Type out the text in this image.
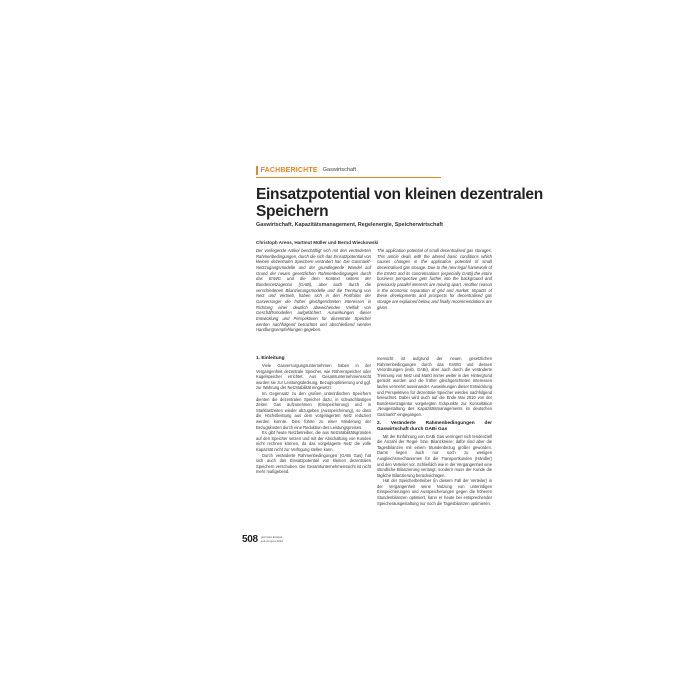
FACHBERICHTE Gaswirtschaft
Einsatzpotential von kleinen dezentralen Speichern
Gaswirtschaft, Kapazitätsmanagement, Regelenergie, Speicherwirtschaft
Christoph Arens, Hartmut Müller und Bernd Wieckowski

Der vorliegende Artikel beschäftigt sich mit den veränderten Rahmenbedingungen, durch die sich das Einsatzpotential von kleinen dezentralen Speichern verändert hat. Die Gasmarkt-Netzzugangsmodelle und der grundlegende Wandel auf Grund der neuen gesetzlichen Rahmenbedingungen durch das EnWG und die dem Kontext seitens der Bundesnetzagentur (GABi), aber auch durch die verschiedenen Bilanzierungsmodelle und die Trennung von Netz und Vertrieb, haben sich in den Portfolios der Gasversorger die früher gleichgerichteten Interessen in Richtung einer deutlich abweichenden Vielfalt von Geschäftsmodellen aufgefächert. Auswirkungen dieser Entwicklung und Perspektiven für dezentrale Speicher werden nachfolgend betrachtet und abschließend werden Handlungsempfehlungen gegeben.

The application potential of small decentralised gas storages. This article deals with the altered basic conditions which causes changes in the application potential of small decentralised gas storage. Due to the new legal framework of the EnWG and its concretisations (especially GABi) the entire business perspective gets further into the background and previously parallel interests are moving apart. Another reason is the economic separation of grid and market. Impacts of these developments and prospects for decentralised gas storage are explained below, and finally recommendations are given.

1. Einleitung

Viele Gasversorgungsunternehmen haben in der Vergangenheit dezentrale Speicher, wie Röhrenspeicher oder Kugelspeicher errichtet. Aus Gesamtunternehmenssicht wurden sie zur Leistungsdeckung, Bezugsoptimierung und ggf. zur Wahrung der Netzstabilität eingesetzt.

Im Gegensatz zu den großen unterirdischen Speichern dienten die dezentralen Speicher dazu, in schwachlastigen Zeiten Gas aufzunehmen (Einspeicherung) und in Starklastzeiten wieder abzugeben (Ausspeicherung), so dass die Höchstleistung aus dem vorgelagerten Netz reduziert werden konnte. Dies führte zu einer Minderung der Bezugskosten durch eine Reduktion des Leistungspreises.

Es gibt heute Netzbetreiber, die aus Netzstabilitätsgründen auf den Speicher setzen und mit der Abschaltung von Kunden nicht rechnen können, da das vorgelagerte Netz die volle Kapazität nicht zur Verfügung stellen kann.

Durch veränderte Rahmenbedingungen (GABi Gas) hat sich auch das Einsatzpotential von kleinen dezentralen Speichern verschoben. Die Gesamtunternehmenssicht ist nicht mehr maßgebend.

mensicht ist aufgrund der neuen gesetzlichen Rahmenbedingungen durch das EnWG und dessen Verordnungen (insb. GABi), aber auch durch die veränderte Trennung von Netz und Markt immer weiter in den Hintergrund gerückt worden und die früher gleichgerichteten Interessen laufen vermehrt auseinander. Auswirkungen dieser Entwicklung und Perspektiven für dezentrale Speicher werden nachfolgend beleuchtet. Dabei wird auch auf die Ende Mai 2010 von der Bundesnetzagentur vorgelegten Eckpunkte zur Konsultation „Neugestaltung des Kapazitätsmanagements im deutschen Gasmarkt“ eingegangen.

2. Veränderte Rahmenbedingungen der Gaswirtschaft durch GABi Gas

Mit der Einführung von GABi Gas verringert sich tendenziell die Anzahl der Regel- bzw. Bilanzkreise; dafür sind aber die Tagesbilanzen mit einem Stundenbezug größer geworden. Damit liegen auch nur noch zu wenigen Ausgleichsmechanismen für die Transportkunden (Händler) und den Verteiler vor. Schließlich wie in der Vergangenheit eine stündliche Bilanzierung verlangt, sondern muss der Kunde die tägliche Bilanzierung berücksichtigen.

Hat der Speicherbetreiber (in diesem Fall der Verteiler) in der Vergangenheit seine Nutzung von unterirdigen Einspeicherungen und Ausspeicherungen gegen die höheren Stundenbilanzen optimiert, kann er heute bei entsprechender Speicherausgestaltung nur noch die Tagesbilanzen optimieren.

508 gwf-Gas Erdgas
Juli-August 2010
